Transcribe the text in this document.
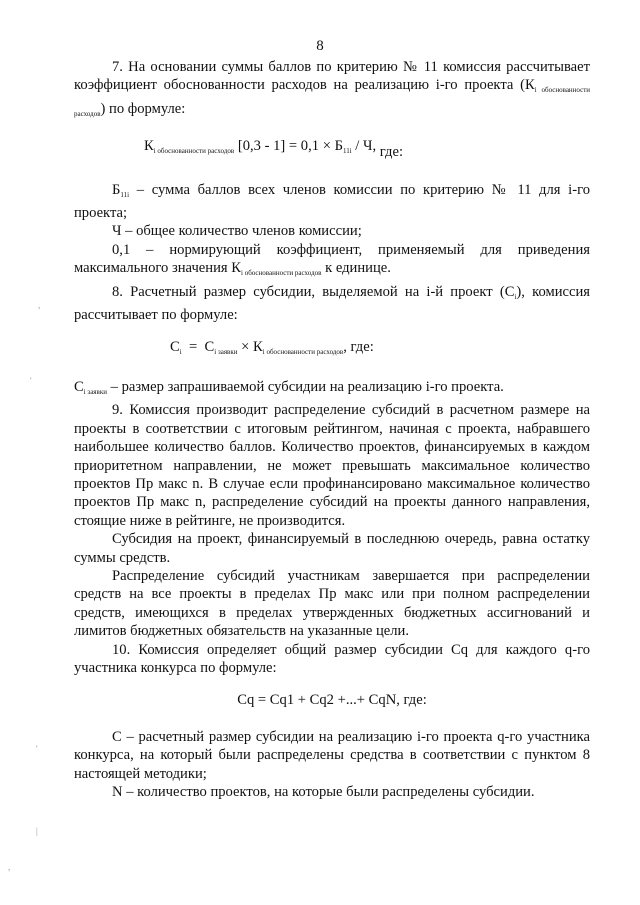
8

7. На основании суммы баллов по критерию № 11 комиссия рассчитывает коэффициент обоснованности расходов на реализацию i-го проекта $(К_{i обоснованности расходов})$ по формуле:

$К_{i обоснованности расходов}$ $[0,3 - 1] = 0,1 \times Б_{11i} / Ч$, где:

$Б_{11i}$ – сумма баллов всех членов комиссии по критерию № 11 для i-го проекта;

Ч – общее количество членов комиссии;

0,1 – нормирующий коэффициент, применяемый для приведения максимального значения $К_{i обоснованности расходов}$ к единице.

8. Расчетный размер субсидии, выделяемой на i-й проект $(С_i)$, комиссия рассчитывает по формуле:

$С_i = С_{i заявки} \times К_{i обоснованности расходов}$, где:

$С_{i заявки}$ – размер запрашиваемой субсидии на реализацию i-го проекта.

9. Комиссия производит распределение субсидий в расчетном размере на проекты в соответствии с итоговым рейтингом, начиная с проекта, набравшего наибольшее количество баллов. Количество проектов, финансируемых в каждом приоритетном направлении, не может превышать максимальное количество проектов Пр макс n. В случае если профинансировано максимальное количество проектов Пр макс n, распределение субсидий на проекты данного направления, стоящие ниже в рейтинге, не производится.

Субсидия на проект, финансируемый в последнюю очередь, равна остатку суммы средств.

Распределение субсидий участникам завершается при распределении средств на все проекты в пределах Пр макс или при полном распределении средств, имеющихся в пределах утвержденных бюджетных ассигнований и лимитов бюджетных обязательств на указанные цели.

10. Комиссия определяет общий размер субсидии Cq для каждого q-го участника конкурса по формуле:

Cq = Cq1 + Cq2 +...+ CqN, где:

С – расчетный размер субсидии на реализацию i-го проекта q-го участника конкурса, на который были распределены средства в соответствии с пунктом 8 настоящей методики;

N – количество проектов, на которые были распределены субсидии.

,
'
'
|
,
